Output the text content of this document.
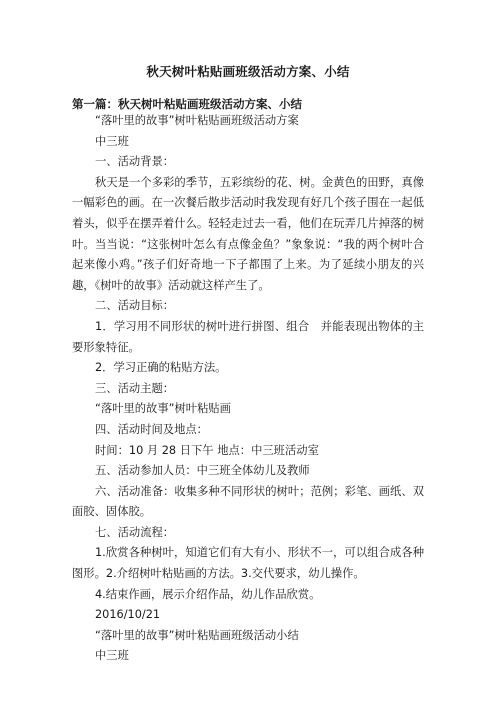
秋天树叶粘贴画班级活动方案、小结
第一篇：秋天树叶粘贴画班级活动方案、小结

“落叶里的故事”树叶粘贴画班级活动方案

中三班

一、活动背景：

秋天是一个多彩的季节，五彩缤纷的花、树。金黄色的田野，真像一幅彩色的画。在一次餐后散步活动时我发现有好几个孩子围在一起低着头，似乎在摆弄着什么。轻轻走过去一看，他们在玩弄几片掉落的树叶。当当说：“这张树叶怎么有点像金鱼？”象象说：“我的两个树叶合起来像小鸡。”孩子们好奇地一下子都围了上来。为了延续小朋友的兴趣，《树叶的故事》活动就这样产生了。

二、活动目标：

1．学习用不同形状的树叶进行拼图、组合　并能表现出物体的主要形象特征。

2．学习正确的粘贴方法。

三、活动主题：

“落叶里的故事”树叶粘贴画

四、活动时间及地点：

时间：10 月 28 日下午 地点：中三班活动室

五、活动参加人员：中三班全体幼儿及教师

六、活动准备：收集多种不同形状的树叶；范例；彩笔、画纸、双面胶、固体胶。

七、活动流程：

1.欣赏各种树叶，知道它们有大有小、形状不一，可以组合成各种图形。2.介绍树叶粘贴画的方法。3.交代要求，幼儿操作。

4.结束作画，展示介绍作品，幼儿作品欣赏。

2016/10/21

“落叶里的故事”树叶粘贴画班级活动小结

中三班
